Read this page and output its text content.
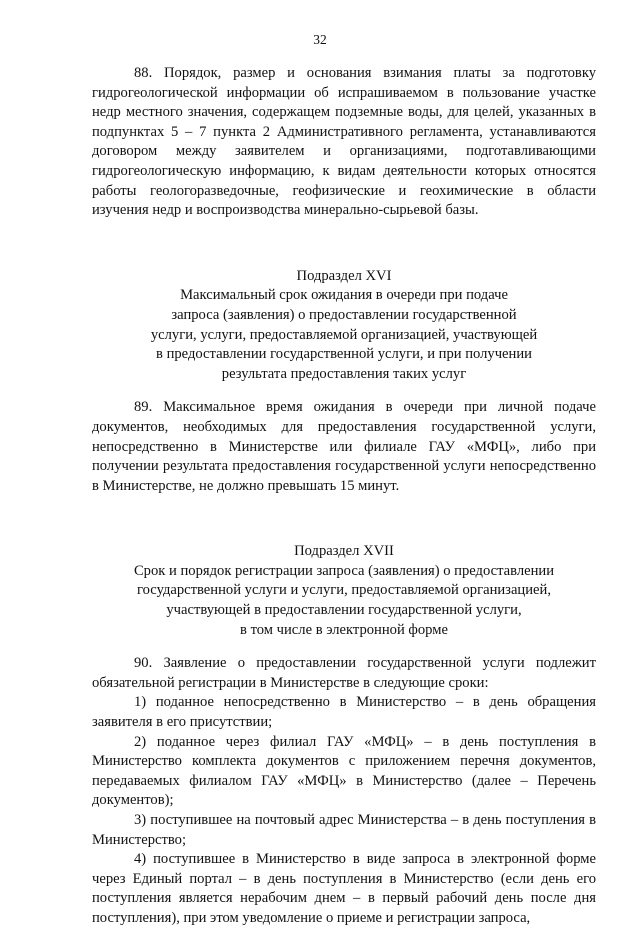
32

88. Порядок, размер и основания взимания платы за подготовку гидрогеологической информации об испрашиваемом в пользование участке недр местного значения, содержащем подземные воды, для целей, указанных в подпунктах 5 – 7 пункта 2 Административного регламента, устанавливаются договором между заявителем и организациями, подготавливающими гидрогеологическую информацию, к видам деятельности которых относятся работы геологоразведочные, геофизические и геохимические в области изучения недр и воспроизводства минерально-сырьевой базы.

Подраздел XVI
Максимальный срок ожидания в очереди при подаче
запроса (заявления) о предоставлении государственной
услуги, услуги, предоставляемой организацией, участвующей
в предоставлении государственной услуги, и при получении
результата предоставления таких услуг

89. Максимальное время ожидания в очереди при личной подаче документов, необходимых для предоставления государственной услуги, непосредственно в Министерстве или филиале ГАУ «МФЦ», либо при получении результата предоставления государственной услуги непосредственно в Министерстве, не должно превышать 15 минут.

Подраздел XVII
Срок и порядок регистрации запроса (заявления) о предоставлении
государственной услуги и услуги, предоставляемой организацией,
участвующей в предоставлении государственной услуги,
в том числе в электронной форме

90. Заявление о предоставлении государственной услуги подлежит обязательной регистрации в Министерстве в следующие сроки:

1) поданное непосредственно в Министерство – в день обращения заявителя в его присутствии;

2) поданное через филиал ГАУ «МФЦ» – в день поступления в Министерство комплекта документов с приложением перечня документов, передаваемых филиалом ГАУ «МФЦ» в Министерство (далее – Перечень документов);

3) поступившее на почтовый адрес Министерства – в день поступления в Министерство;

4) поступившее в Министерство в виде запроса в электронной форме через Единый портал – в день поступления в Министерство (если день его поступления является нерабочим днем – в первый рабочий день после дня поступления), при этом уведомление о приеме и регистрации запроса,
